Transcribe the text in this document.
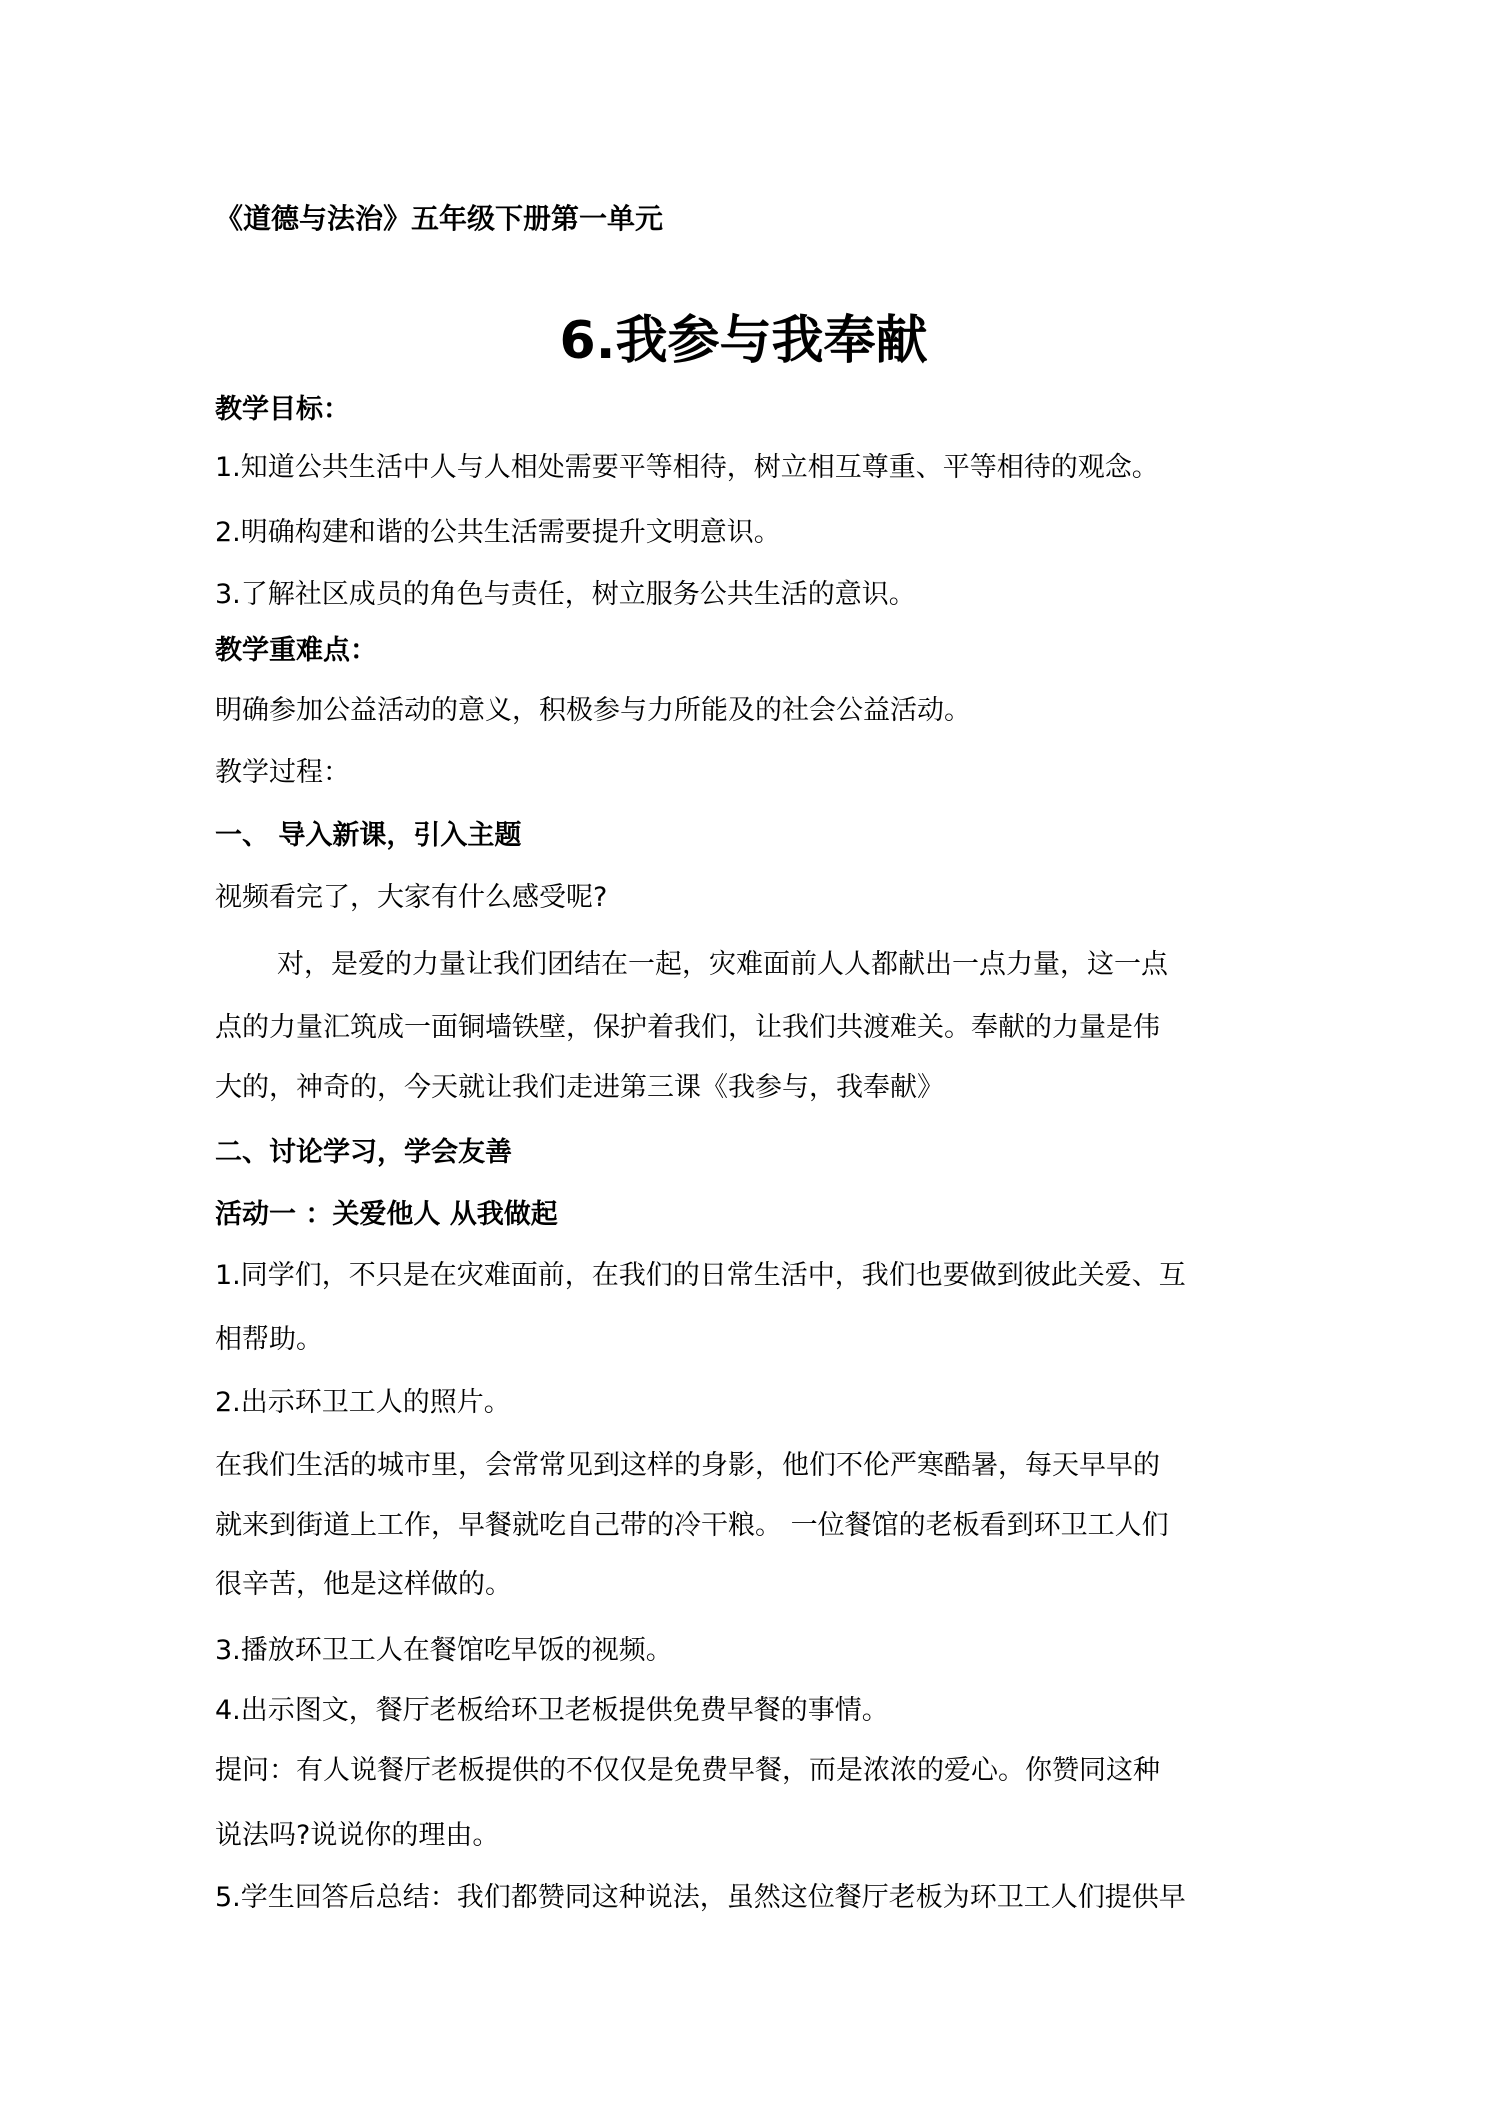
《道德与法治》五年级下册第一单元
6.我参与我奉献
教学目标：
1.知道公共生活中人与人相处需要平等相待，树立相互尊重、平等相待的观念。
2.明确构建和谐的公共生活需要提升文明意识。
3.了解社区成员的角色与责任，树立服务公共生活的意识。
教学重难点：
明确参加公益活动的意义，积极参与力所能及的社会公益活动。
教学过程：
一、 导入新课，引入主题
视频看完了，大家有什么感受呢?
对，是爱的力量让我们团结在一起，灾难面前人人都献出一点力量，这一点
点的力量汇筑成一面铜墙铁壁，保护着我们，让我们共渡难关。奉献的力量是伟
大的，神奇的，今天就让我们走进第三课《我参与，我奉献》
二、讨论学习，学会友善
活动一 ：关爱他人 从我做起
1.同学们，不只是在灾难面前，在我们的日常生活中，我们也要做到彼此关爱、互
相帮助。
2.出示环卫工人的照片。
在我们生活的城市里，会常常见到这样的身影，他们不伦严寒酷暑，每天早早的
就来到街道上工作，早餐就吃自己带的冷干粮。 一位餐馆的老板看到环卫工人们
很辛苦，他是这样做的。
3.播放环卫工人在餐馆吃早饭的视频。
4.出示图文，餐厅老板给环卫老板提供免费早餐的事情。
提问：有人说餐厅老板提供的不仅仅是免费早餐，而是浓浓的爱心。你赞同这种
说法吗?说说你的理由。
5.学生回答后总结：我们都赞同这种说法，虽然这位餐厅老板为环卫工人们提供早
